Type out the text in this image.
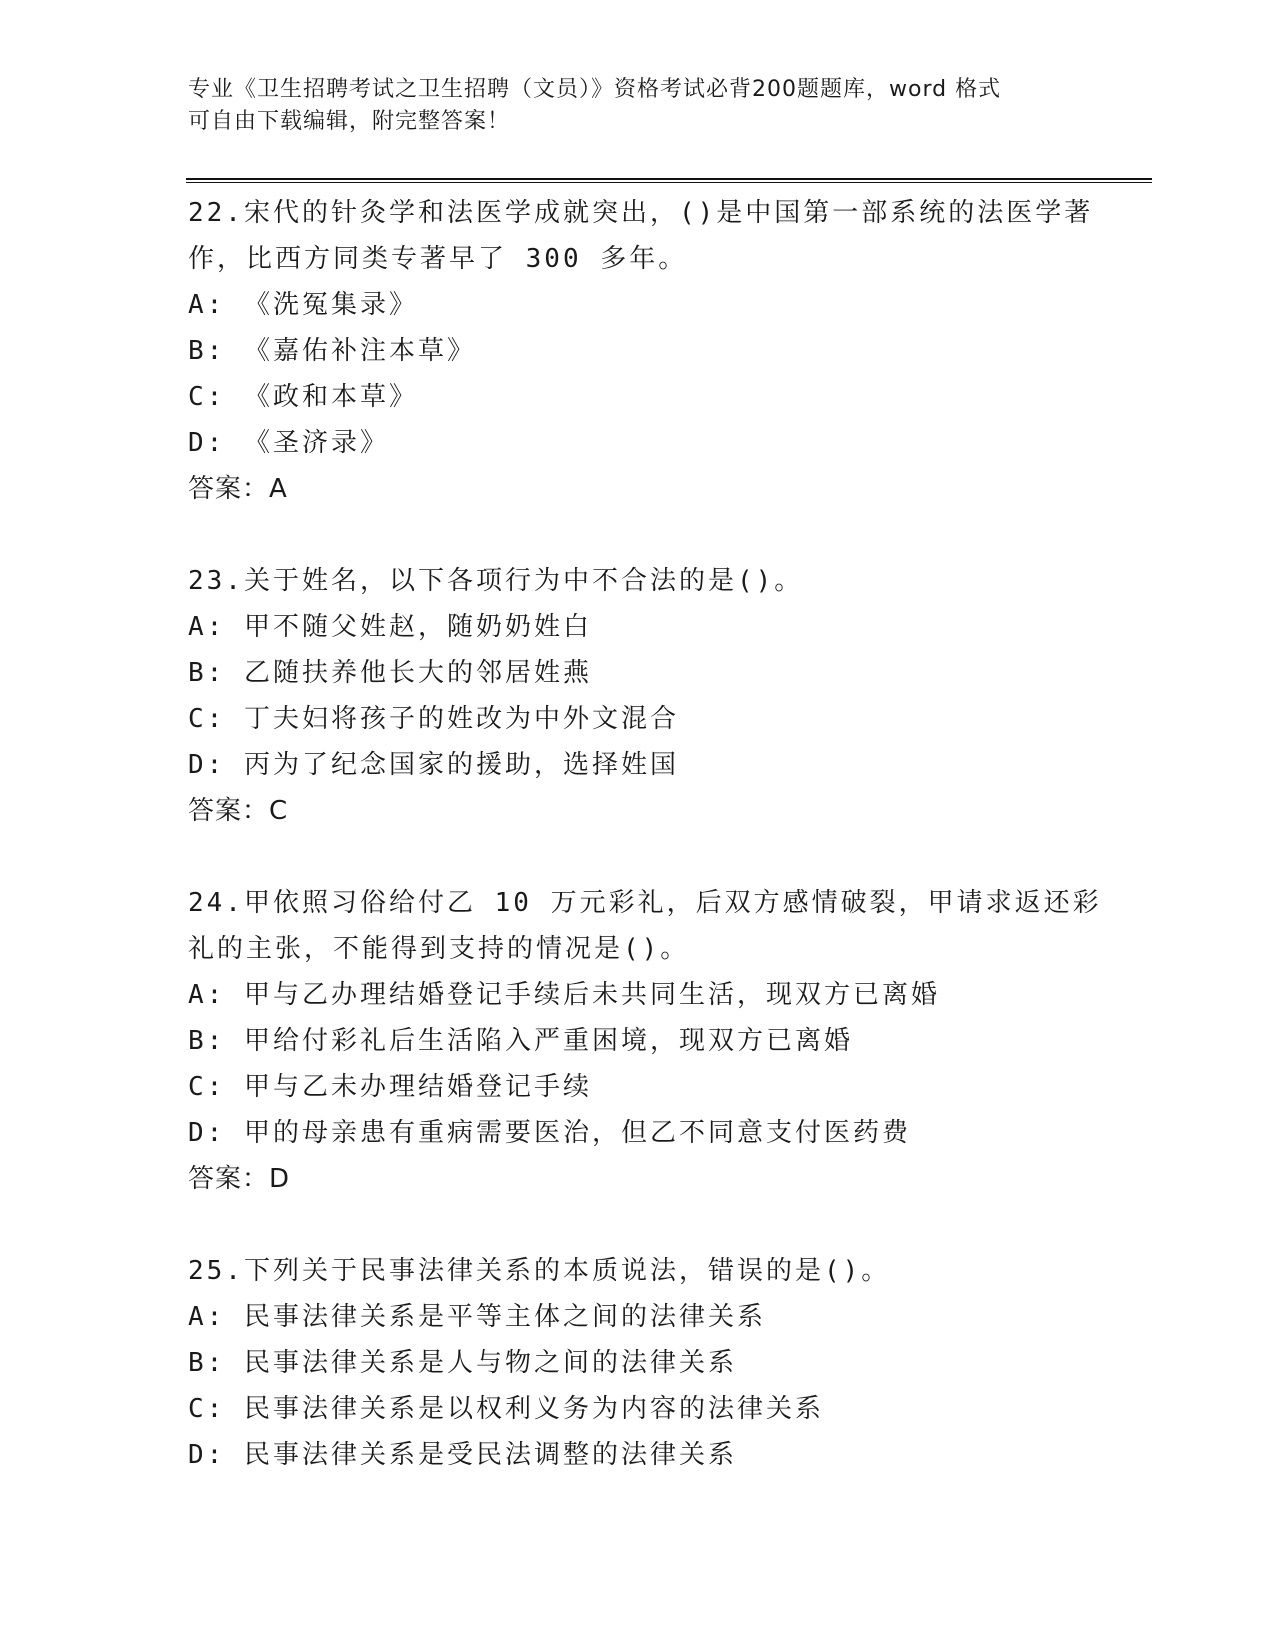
专业《卫生招聘考试之卫生招聘（文员）》资格考试必背200题题库，word 格式
可自由下载编辑，附完整答案！
22.宋代的针灸学和法医学成就突出，()是中国第一部系统的法医学著
作，比西方同类专著早了 300 多年。
A: 《洗冤集录》
B: 《嘉佑补注本草》
C: 《政和本草》
D: 《圣济录》
答案：A
23.关于姓名，以下各项行为中不合法的是()。
A: 甲不随父姓赵，随奶奶姓白
B: 乙随扶养他长大的邻居姓燕
C: 丁夫妇将孩子的姓改为中外文混合
D: 丙为了纪念国家的援助，选择姓国
答案：C
24.甲依照习俗给付乙 10 万元彩礼，后双方感情破裂，甲请求返还彩
礼的主张，不能得到支持的情况是()。
A: 甲与乙办理结婚登记手续后未共同生活，现双方已离婚
B: 甲给付彩礼后生活陷入严重困境，现双方已离婚
C: 甲与乙未办理结婚登记手续
D: 甲的母亲患有重病需要医治，但乙不同意支付医药费
答案：D
25.下列关于民事法律关系的本质说法，错误的是()。
A: 民事法律关系是平等主体之间的法律关系
B: 民事法律关系是人与物之间的法律关系
C: 民事法律关系是以权利义务为内容的法律关系
D: 民事法律关系是受民法调整的法律关系
